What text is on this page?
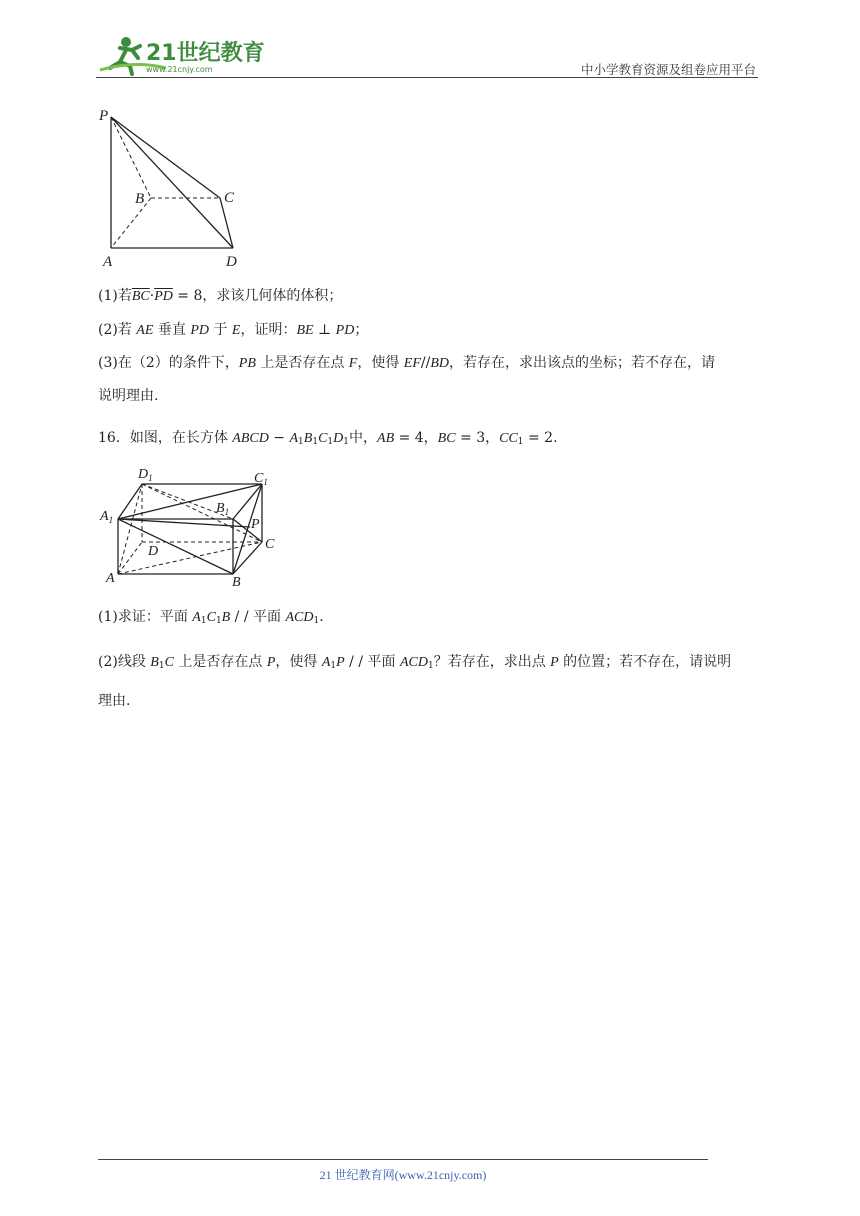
21世纪教育
www.21cnjy.com	中小学教育资源及组卷应用平台
P
B	C
A	D
(1)若$\overline{BC}\cdot\overline{PD} = 8$，求该几何体的体积；
(2)若 AE 垂直 PD 于 E，证明：BE ⊥ PD；
(3)在（2）的条件下，PB 上是否存在点 F，使得 EF//BD，若存在，求出该点的坐标；若不存在，请
说明理由.
16．如图，在长方体 ABCD − $A_1B_1C_1D_1$中，AB = 4，BC = 3，$CC_1 = 2$.
$D_1$	$C_1$
$A_1$
$B_1$
P
D	C
A	B
(1)求证：平面 $A_1C_1B$ / / 平面 $ACD_1$.
(2)线段 $B_1C$ 上是否存在点 P，使得 $A_1P$ / / 平面 $ACD_1$？若存在，求出点 P 的位置；若不存在，请说明
理由.
21 世纪教育网(www.21cnjy.com)
